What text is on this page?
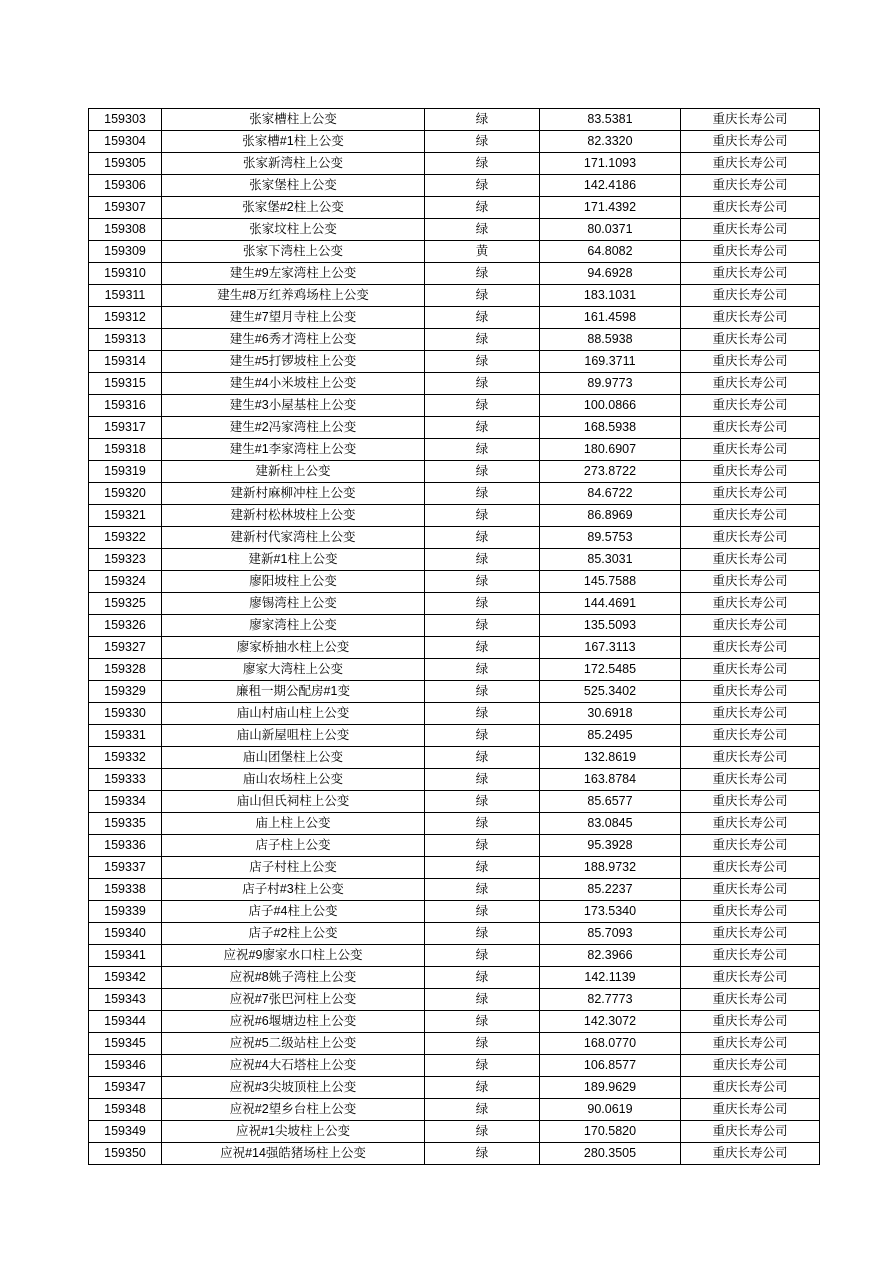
159303	张家槽柱上公变	绿	83.5381	重庆长寿公司
159304	张家槽#1柱上公变	绿	82.3320	重庆长寿公司
159305	张家新湾柱上公变	绿	171.1093	重庆长寿公司
159306	张家堡柱上公变	绿	142.4186	重庆长寿公司
159307	张家堡#2柱上公变	绿	171.4392	重庆长寿公司
159308	张家坟柱上公变	绿	80.0371	重庆长寿公司
159309	张家下湾柱上公变	黄	64.8082	重庆长寿公司
159310	建生#9左家湾柱上公变	绿	94.6928	重庆长寿公司
159311	建生#8万红养鸡场柱上公变	绿	183.1031	重庆长寿公司
159312	建生#7望月寺柱上公变	绿	161.4598	重庆长寿公司
159313	建生#6秀才湾柱上公变	绿	88.5938	重庆长寿公司
159314	建生#5打锣坡柱上公变	绿	169.3711	重庆长寿公司
159315	建生#4小米坡柱上公变	绿	89.9773	重庆长寿公司
159316	建生#3小屋基柱上公变	绿	100.0866	重庆长寿公司
159317	建生#2冯家湾柱上公变	绿	168.5938	重庆长寿公司
159318	建生#1李家湾柱上公变	绿	180.6907	重庆长寿公司
159319	建新柱上公变	绿	273.8722	重庆长寿公司
159320	建新村麻柳冲柱上公变	绿	84.6722	重庆长寿公司
159321	建新村松林坡柱上公变	绿	86.8969	重庆长寿公司
159322	建新村代家湾柱上公变	绿	89.5753	重庆长寿公司
159323	建新#1柱上公变	绿	85.3031	重庆长寿公司
159324	廖阳坡柱上公变	绿	145.7588	重庆长寿公司
159325	廖锡湾柱上公变	绿	144.4691	重庆长寿公司
159326	廖家湾柱上公变	绿	135.5093	重庆长寿公司
159327	廖家桥抽水柱上公变	绿	167.3113	重庆长寿公司
159328	廖家大湾柱上公变	绿	172.5485	重庆长寿公司
159329	廉租一期公配房#1变	绿	525.3402	重庆长寿公司
159330	庙山村庙山柱上公变	绿	30.6918	重庆长寿公司
159331	庙山新屋咀柱上公变	绿	85.2495	重庆长寿公司
159332	庙山团堡柱上公变	绿	132.8619	重庆长寿公司
159333	庙山农场柱上公变	绿	163.8784	重庆长寿公司
159334	庙山但氏祠柱上公变	绿	85.6577	重庆长寿公司
159335	庙上柱上公变	绿	83.0845	重庆长寿公司
159336	店子柱上公变	绿	95.3928	重庆长寿公司
159337	店子村柱上公变	绿	188.9732	重庆长寿公司
159338	店子村#3柱上公变	绿	85.2237	重庆长寿公司
159339	店子#4柱上公变	绿	173.5340	重庆长寿公司
159340	店子#2柱上公变	绿	85.7093	重庆长寿公司
159341	应祝#9廖家水口柱上公变	绿	82.3966	重庆长寿公司
159342	应祝#8姚子湾柱上公变	绿	142.1139	重庆长寿公司
159343	应祝#7张巴河柱上公变	绿	82.7773	重庆长寿公司
159344	应祝#6堰塘边柱上公变	绿	142.3072	重庆长寿公司
159345	应祝#5二级站柱上公变	绿	168.0770	重庆长寿公司
159346	应祝#4大石塔柱上公变	绿	106.8577	重庆长寿公司
159347	应祝#3尖坡顶柱上公变	绿	189.9629	重庆长寿公司
159348	应祝#2望乡台柱上公变	绿	90.0619	重庆长寿公司
159349	应祝#1尖坡柱上公变	绿	170.5820	重庆长寿公司
159350	应祝#14强皓猪场柱上公变	绿	280.3505	重庆长寿公司
